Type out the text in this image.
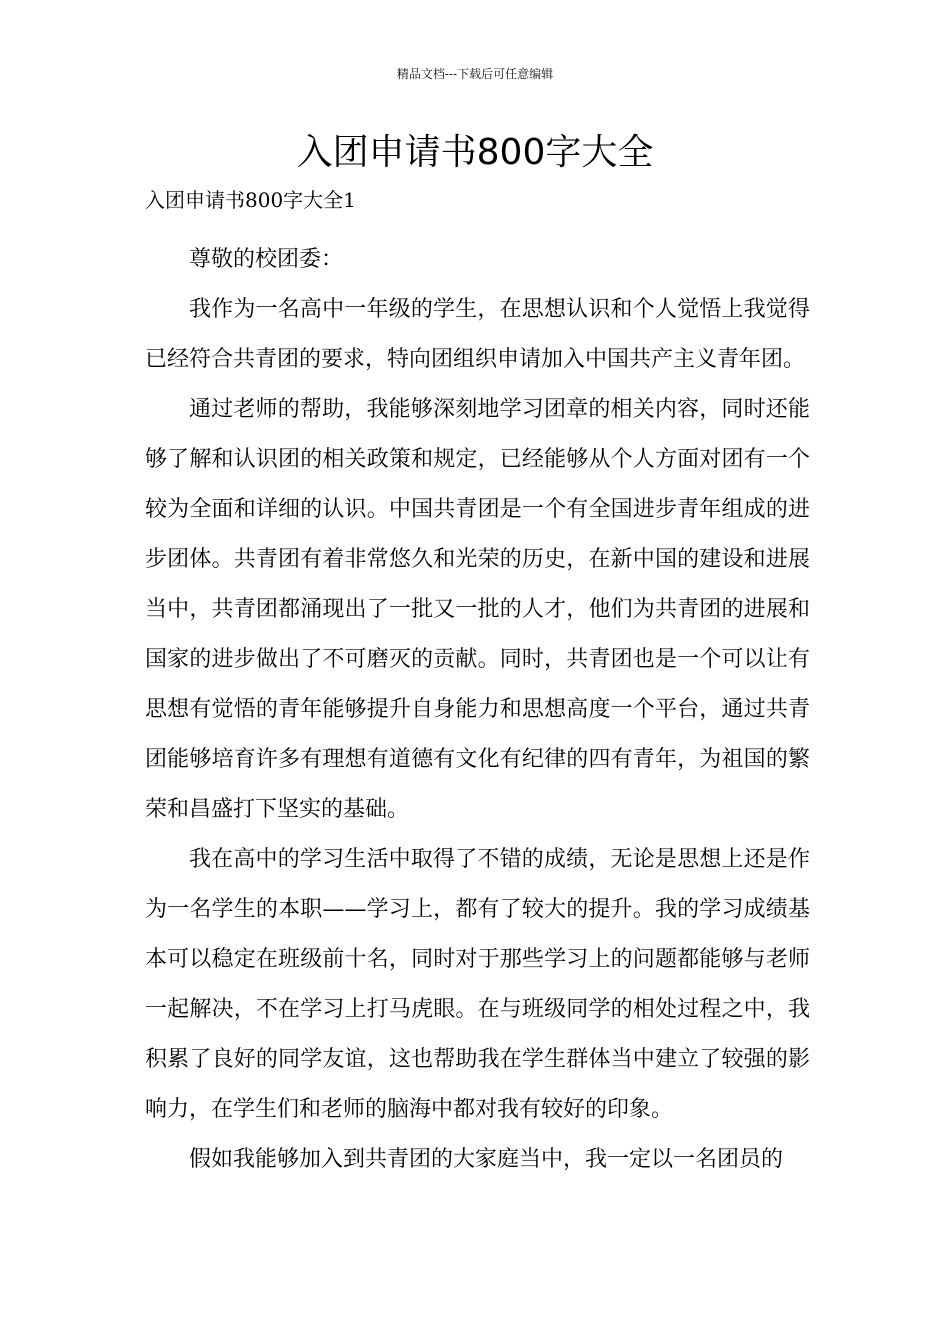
精品文档---下载后可任意编辑
入团申请书800字大全
入团申请书800字大全1

尊敬的校团委：

我作为一名高中一年级的学生，在思想认识和个人觉悟上我觉得已经符合共青团的要求，特向团组织申请加入中国共产主义青年团。

通过老师的帮助，我能够深刻地学习团章的相关内容，同时还能够了解和认识团的相关政策和规定，已经能够从个人方面对团有一个较为全面和详细的认识。中国共青团是一个有全国进步青年组成的进步团体。共青团有着非常悠久和光荣的历史，在新中国的建设和进展当中，共青团都涌现出了一批又一批的人才，他们为共青团的进展和国家的进步做出了不可磨灭的贡献。同时，共青团也是一个可以让有思想有觉悟的青年能够提升自身能力和思想高度一个平台，通过共青团能够培育许多有理想有道德有文化有纪律的四有青年，为祖国的繁荣和昌盛打下坚实的基础。

我在高中的学习生活中取得了不错的成绩，无论是思想上还是作为一名学生的本职——学习上，都有了较大的提升。我的学习成绩基本可以稳定在班级前十名，同时对于那些学习上的问题都能够与老师一起解决，不在学习上打马虎眼。在与班级同学的相处过程之中，我积累了良好的同学友谊，这也帮助我在学生群体当中建立了较强的影响力，在学生们和老师的脑海中都对我有较好的印象。

假如我能够加入到共青团的大家庭当中，我一定以一名团员的
